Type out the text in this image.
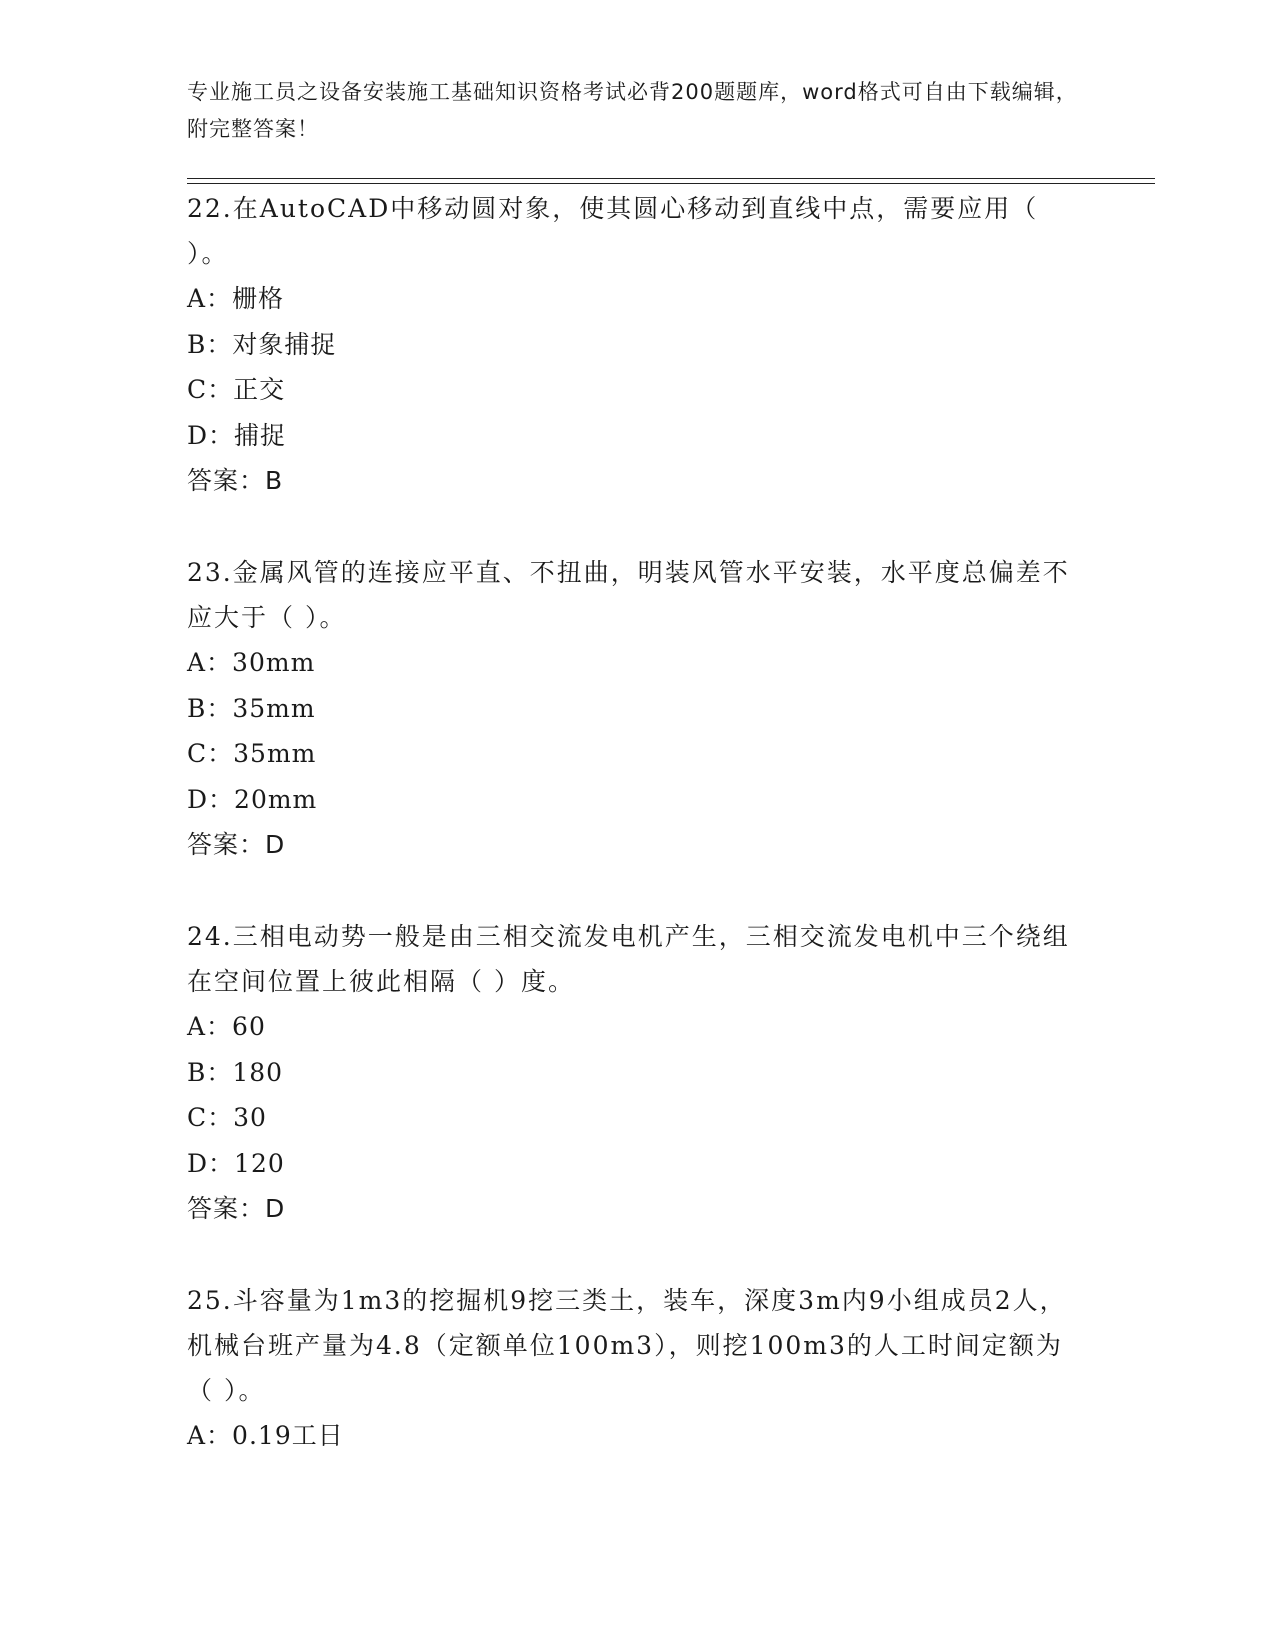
专业施工员之设备安装施工基础知识资格考试必背200题题库，word格式可自由下载编辑，附完整答案！

22.在AutoCAD中移动圆对象，使其圆心移动到直线中点，需要应用（ ）。

A：栅格

B：对象捕捉

C：正交

D：捕捉

答案：B

23.金属风管的连接应平直、不扭曲，明装风管水平安装，水平度总偏差不应大于（ ）。

A：30mm

B：35mm

C：35mm

D：20mm

答案：D

24.三相电动势一般是由三相交流发电机产生，三相交流发电机中三个绕组在空间位置上彼此相隔（ ）度。

A：60

B：180

C：30

D：120

答案：D

25.斗容量为1m3的挖掘机9挖三类土，装车，深度3m内9小组成员2人，机械台班产量为4.8（定额单位100m3），则挖100m3的人工时间定额为（ ）。

A：0.19工日
